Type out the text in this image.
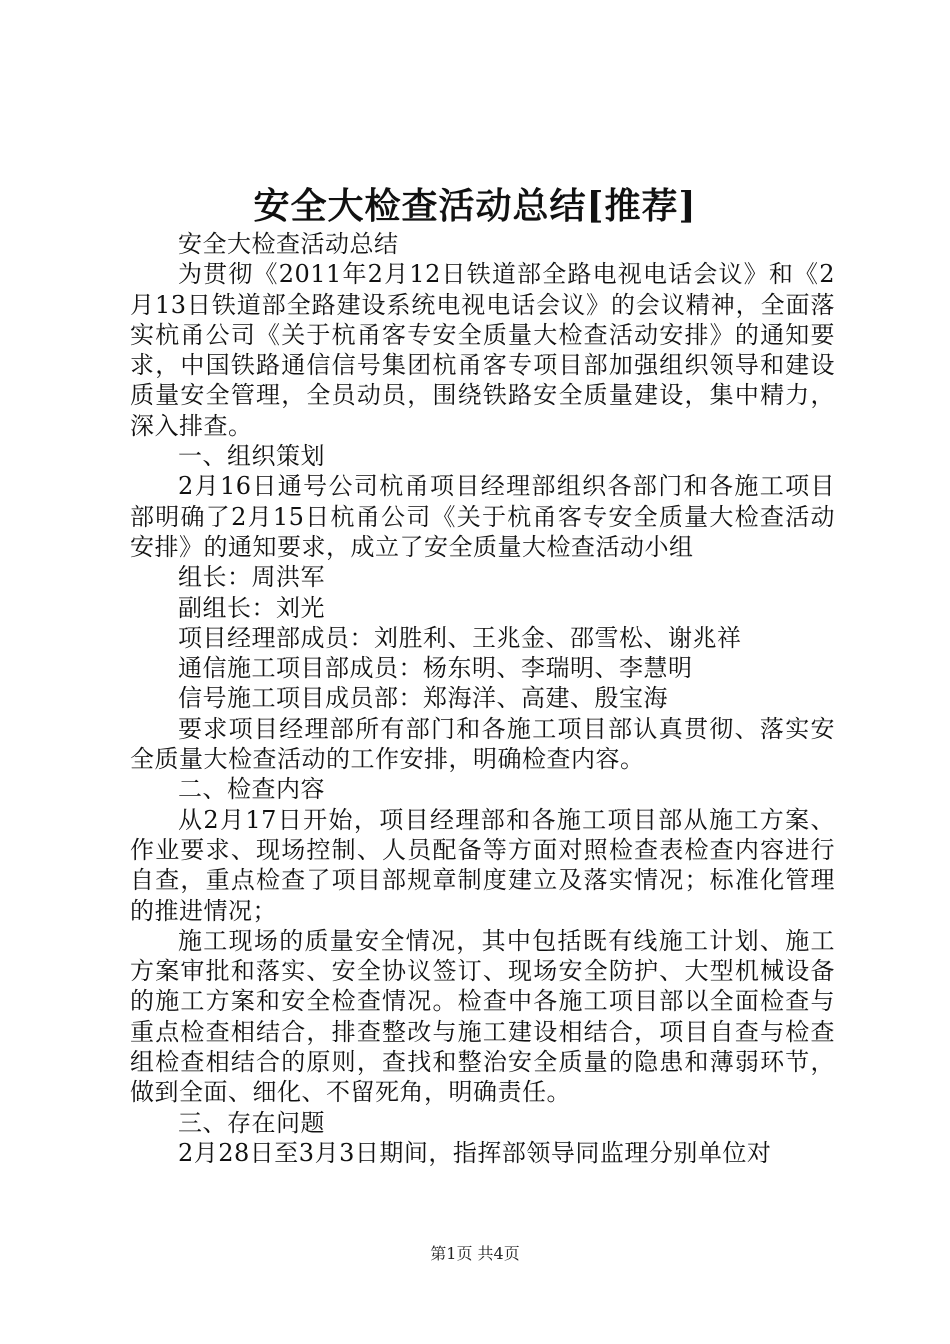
安全大检查活动总结[推荐]

安全大检查活动总结

为贯彻《2011年2月12日铁道部全路电视电话会议》和《2月13日铁道部全路建设系统电视电话会议》的会议精神，全面落实杭甬公司《关于杭甬客专安全质量大检查活动安排》的通知要求，中国铁路通信信号集团杭甬客专项目部加强组织领导和建设质量安全管理，全员动员，围绕铁路安全质量建设，集中精力，深入排查。

一、组织策划

2月16日通号公司杭甬项目经理部组织各部门和各施工项目部明确了2月15日杭甬公司《关于杭甬客专安全质量大检查活动安排》的通知要求，成立了安全质量大检查活动小组

组长：周洪军

副组长：刘光

项目经理部成员：刘胜利、王兆金、邵雪松、谢兆祥

通信施工项目部成员：杨东明、李瑞明、李慧明

信号施工项目成员部：郑海洋、高建、殷宝海

要求项目经理部所有部门和各施工项目部认真贯彻、落实安全质量大检查活动的工作安排，明确检查内容。

二、检查内容

从2月17日开始，项目经理部和各施工项目部从施工方案、作业要求、现场控制、人员配备等方面对照检查表检查内容进行自查，重点检查了项目部规章制度建立及落实情况；标准化管理的推进情况；

施工现场的质量安全情况，其中包括既有线施工计划、施工方案审批和落实、安全协议签订、现场安全防护、大型机械设备的施工方案和安全检查情况。检查中各施工项目部以全面检查与重点检查相结合，排查整改与施工建设相结合，项目自查与检查组检查相结合的原则，查找和整治安全质量的隐患和薄弱环节，做到全面、细化、不留死角，明确责任。

三、存在问题

2月28日至3月3日期间，指挥部领导同监理分别单位对

第1页 共4页
